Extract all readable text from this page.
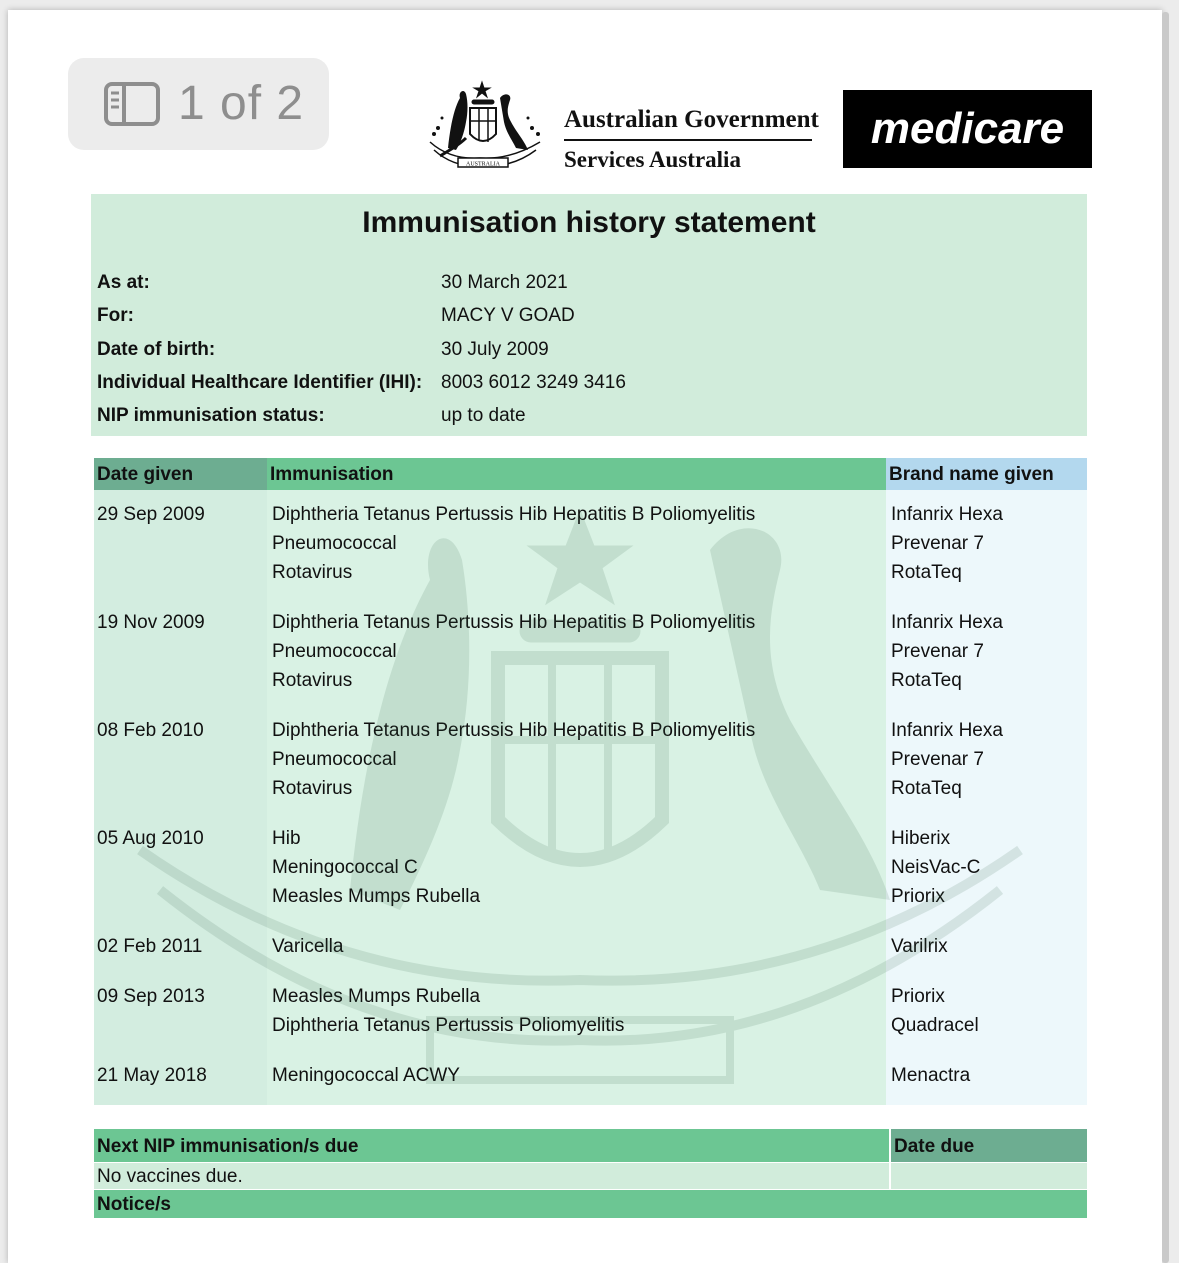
1 of 2
AUSTRALIA
Australian Government
Services Australia
medicare
Immunisation history statement
As at:	30 March 2021
For:	MACY V GOAD
Date of birth:	30 July 2009
Individual Healthcare Identifier (IHI): 8003 6012 3249 3416
NIP immunisation status:	up to date
Date given	Immunisation	Brand name given
29 Sep 2009	Diphtheria Tetanus Pertussis Hib Hepatitis B Poliomyelitis	Infanrix Hexa
Pneumococcal	Prevenar 7
Rotavirus	RotaTeq
19 Nov 2009	Diphtheria Tetanus Pertussis Hib Hepatitis B Poliomyelitis	Infanrix Hexa
Pneumococcal	Prevenar 7
Rotavirus	RotaTeq
08 Feb 2010	Diphtheria Tetanus Pertussis Hib Hepatitis B Poliomyelitis	Infanrix Hexa
Pneumococcal	Prevenar 7
Rotavirus	RotaTeq
05 Aug 2010	Hib	Hiberix
Meningococcal C	NeisVac-C
Measles Mumps Rubella	Priorix
02 Feb 2011	Varicella	Varilrix
09 Sep 2013	Measles Mumps Rubella	Priorix
Diphtheria Tetanus Pertussis Poliomyelitis	Quadracel
21 May 2018	Meningococcal ACWY	Menactra
Next NIP immunisation/s due	Date due
No vaccines due.
Notice/s
